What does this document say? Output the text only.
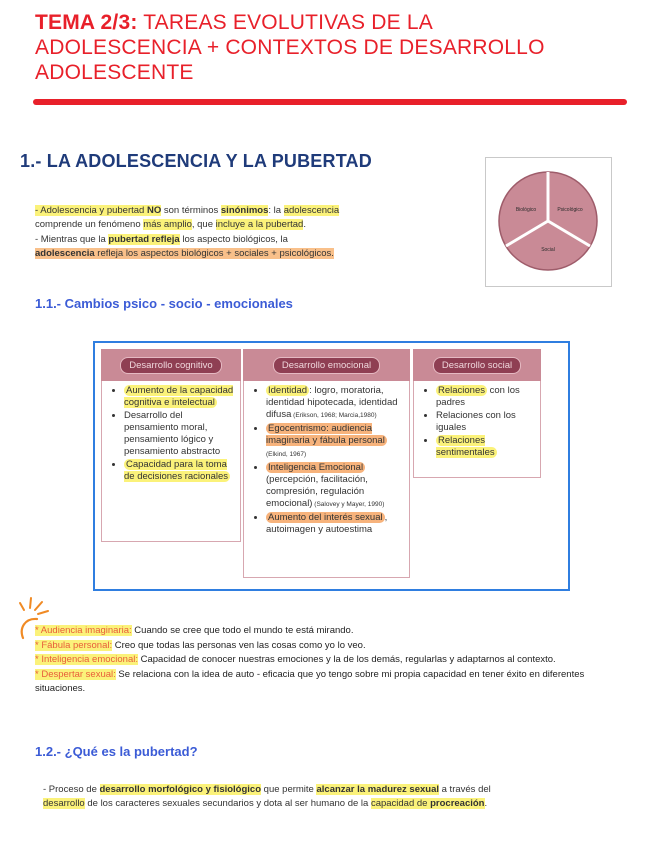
TEMA 2/3: TAREAS EVOLUTIVAS DE LA
ADOLESCENCIA + CONTEXTOS DE DESARROLLO
ADOLESCENTE
1.- LA ADOLESCENCIA Y LA PUBERTAD
- Adolescencia y pubertad NO son términos sinónimos: la adolescencia
comprende un fenómeno más amplio, que incluye a la pubertad.
- Mientras que la pubertad refleja los aspecto biológicos, la
adolescencia refleja los aspectos biológicos + sociales + psicológicos.
Biológico	Psicológico
Social
1.1.- Cambios psico - socio - emocionales
Desarrollo cognitivo
• Aumento de la capacidad cognitiva e intelectual
• Desarrollo del pensamiento moral, pensamiento lógico y pensamiento abstracto
• Capacidad para la toma de decisiones racionales
Desarrollo emocional
• Identidad : logro, moratoria, identidad hipotecada, identidad difusa (Erikson, 1968; Marcia,1980)
• Egocentrismo: audiencia imaginaria y fábula personal (Elkind, 1967)
• Inteligencia Emocional (percepción, facilitación, compresión, regulación emocional) (Salovey y Mayer, 1990)
• Aumento del interés sexual , autoimagen y autoestima
Desarrollo social
• Relaciones con los padres
• Relaciones con los iguales
• Relaciones sentimentales
* Audiencia imaginaria: Cuando se cree que todo el mundo te está mirando.
* Fábula personal: Creo que todas las personas ven las cosas como yo lo veo.
* Inteligencia emocional: Capacidad de conocer nuestras emociones y la de los demás, regularlas y adaptarnos al contexto.
* Despertar sexual: Se relaciona con la idea de auto - eficacia que yo tengo sobre mi propia capacidad en tener éxito en diferentes situaciones.
1.2.- ¿Qué es la pubertad?
- Proceso de desarrollo morfológico y fisiológico que permite alcanzar la madurez sexual a través del
desarrollo de los caracteres sexuales secundarios y dota al ser humano de la capacidad de procreación.
